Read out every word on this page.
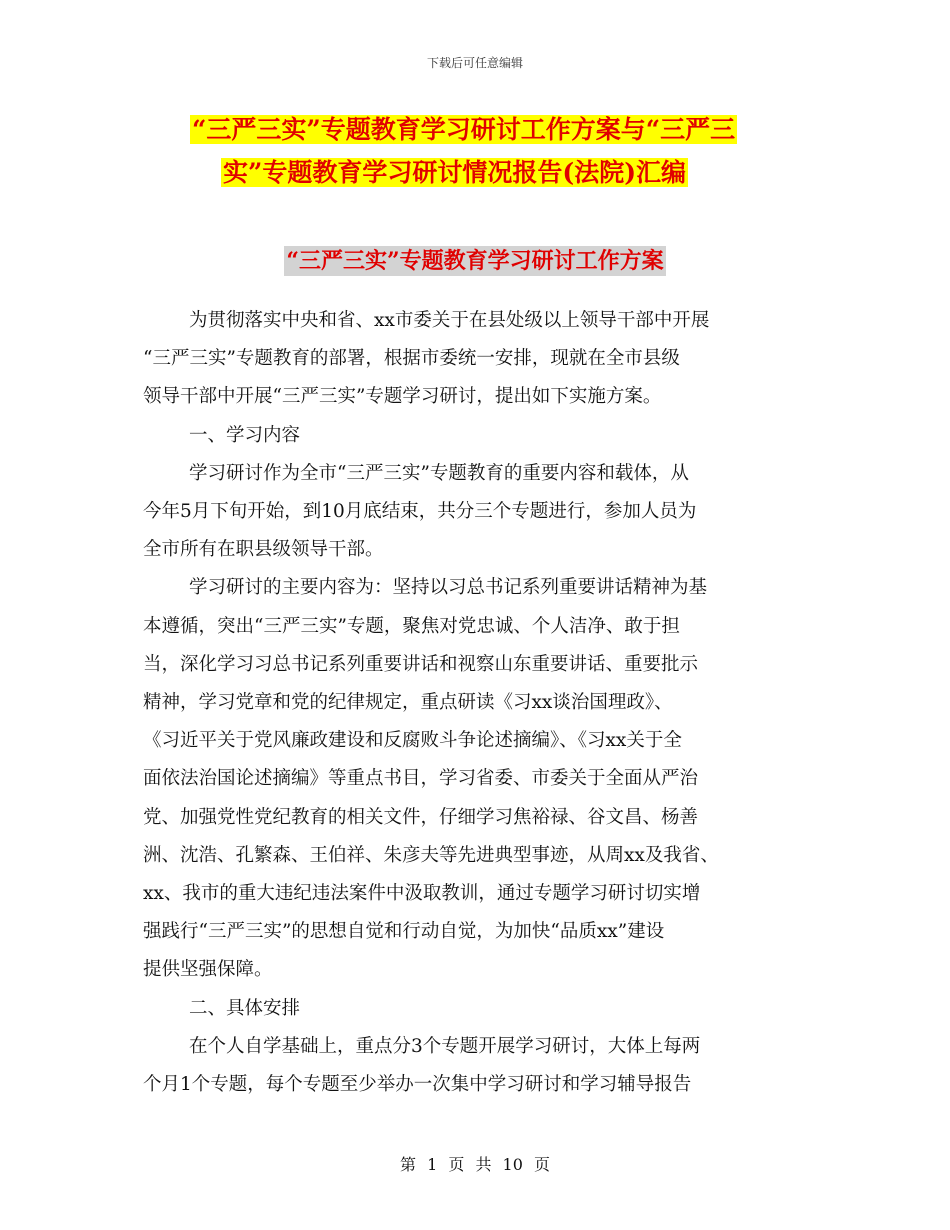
下载后可任意编辑
“三严三实”专题教育学习研讨工作方案与“三严三
实”专题教育学习研讨情况报告(法院)汇编
“三严三实”专题教育学习研讨工作方案

为贯彻落实中央和省、xx市委关于在县处级以上领导干部中开展

“三严三实”专题教育的部署，根据市委统一安排，现就在全市县级

领导干部中开展“三严三实”专题学习研讨，提出如下实施方案。

一、学习内容

学习研讨作为全市“三严三实”专题教育的重要内容和载体，从

今年5月下旬开始，到10月底结束，共分三个专题进行，参加人员为

全市所有在职县级领导干部。

学习研讨的主要内容为：坚持以习总书记系列重要讲话精神为基

本遵循，突出“三严三实”专题，聚焦对党忠诚、个人洁净、敢于担

当，深化学习习总书记系列重要讲话和视察山东重要讲话、重要批示

精神，学习党章和党的纪律规定，重点研读《习xx谈治国理政》、

《习近平关于党风廉政建设和反腐败斗争论述摘编》、《习xx关于全

面依法治国论述摘编》等重点书目，学习省委、市委关于全面从严治

党、加强党性党纪教育的相关文件，仔细学习焦裕禄、谷文昌、杨善

洲、沈浩、孔繁森、王伯祥、朱彦夫等先进典型事迹，从周xx及我省、

xx、我市的重大违纪违法案件中汲取教训，通过专题学习研讨切实增

强践行“三严三实”的思想自觉和行动自觉，为加快“品质xx”建设

提供坚强保障。

二、具体安排

在个人自学基础上，重点分3个专题开展学习研讨，大体上每两

个月1个专题，每个专题至少举办一次集中学习研讨和学习辅导报告

第 1 页 共 10 页
